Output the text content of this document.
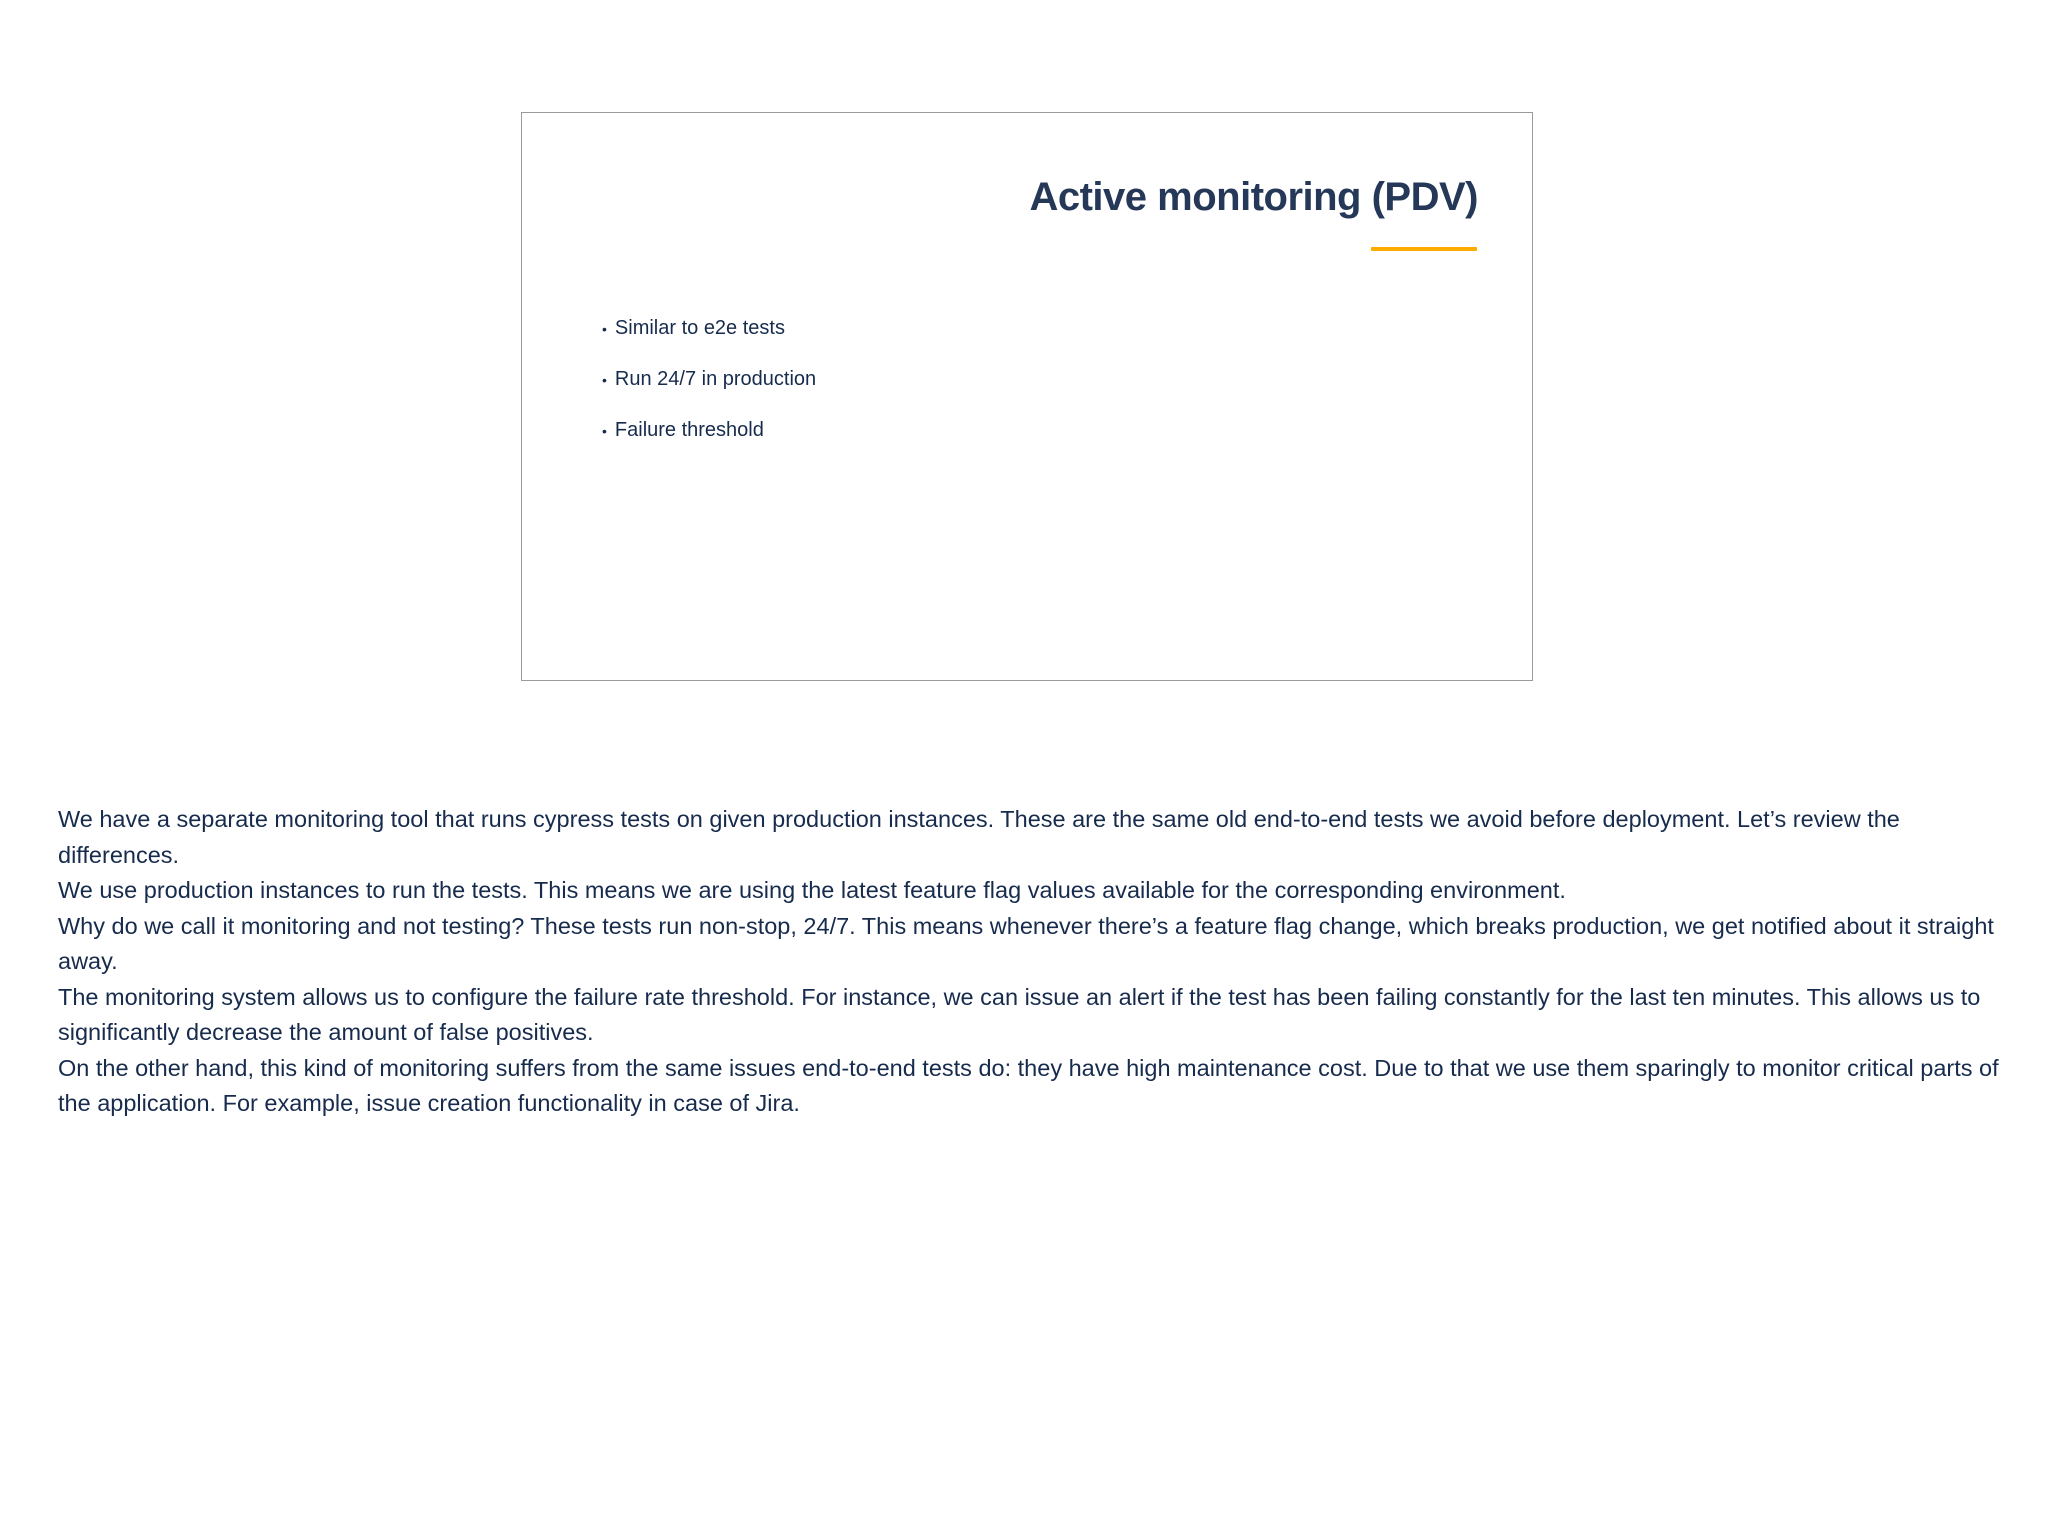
Active monitoring (PDV)
• Similar to e2e tests
• Run 24/7 in production
• Failure threshold

We have a separate monitoring tool that runs cypress tests on given production instances. These are the same old end-to-end tests we avoid before deployment. Let’s review the differences.

We use production instances to run the tests. This means we are using the latest feature flag values available for the corresponding environment.

Why do we call it monitoring and not testing? These tests run non-stop, 24/7. This means whenever there’s a feature flag change, which breaks production, we get notified about it straight away.

The monitoring system allows us to configure the failure rate threshold. For instance, we can issue an alert if the test has been failing constantly for the last ten minutes. This allows us to significantly decrease the amount of false positives.

On the other hand, this kind of monitoring suffers from the same issues end-to-end tests do: they have high maintenance cost. Due to that we use them sparingly to monitor critical parts of the application. For example, issue creation functionality in case of Jira.
